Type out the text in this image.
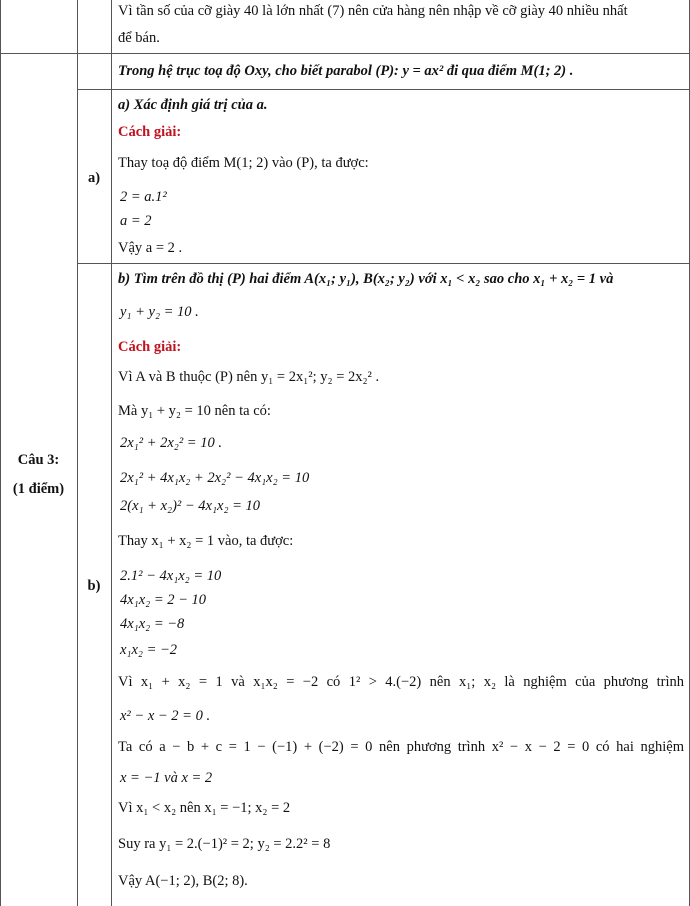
Vì tần số của cỡ giày 40 là lớn nhất (7) nên cửa hàng nên nhập về cỡ giày 40 nhiều nhất
để bán.
Câu 3:
(1 điểm)
Trong hệ trục toạ độ Oxy, cho biết parabol (P): y = ax² đi qua điểm M(1; 2) .
a)
a) Xác định giá trị của a.
Cách giải:
Thay toạ độ điểm M(1; 2) vào (P), ta được:
2 = a.1²
a = 2
Vậy a = 2 .
b)
b) Tìm trên đồ thị (P) hai điểm A(x₁; y₁), B(x₂; y₂) với x₁ < x₂ sao cho x₁ + x₂ = 1 và
y₁ + y₂ = 10 .
Cách giải:
Vì A và B thuộc (P) nên y₁ = 2x₁²; y₂ = 2x₂² .
Mà y₁ + y₂ = 10 nên ta có:
2x₁² + 2x₂² = 10 .
2x₁² + 4x₁x₂ + 2x₂² − 4x₁x₂ = 10
2(x₁ + x₂)² − 4x₁x₂ = 10
Thay x₁ + x₂ = 1 vào, ta được:
2.1² − 4x₁x₂ = 10
4x₁x₂ = 2 − 10
4x₁x₂ = −8
x₁x₂ = −2
Vì x₁ + x₂ = 1 và x₁x₂ = −2 có 1² > 4.(−2) nên x₁; x₂ là nghiệm của phương trình
x² − x − 2 = 0 .
Ta có a − b + c = 1 − (−1) + (−2) = 0 nên phương trình x² − x − 2 = 0 có hai nghiệm
x = −1 và x = 2
Vì x₁ < x₂ nên x₁ = −1; x₂ = 2
Suy ra y₁ = 2.(−1)² = 2; y₂ = 2.2² = 8
Vậy A(−1; 2), B(2; 8).
